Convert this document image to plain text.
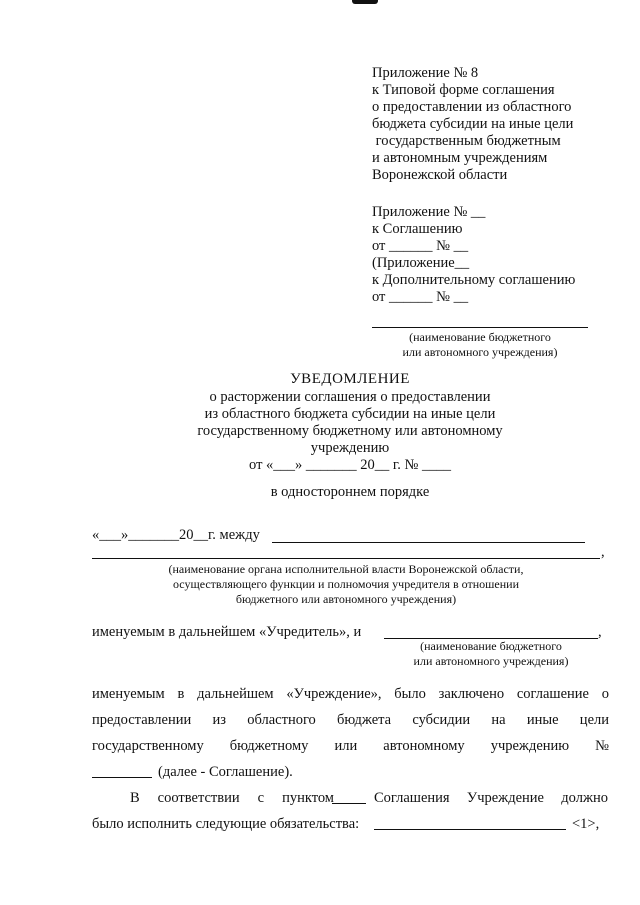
Приложение № 8
к Типовой форме соглашения
о предоставлении из областного
бюджета субсидии на иные цели
государственным бюджетным
и автономным учреждениям
Воронежской области
Приложение № __
к Соглашению
от ______ № __
(Приложение__
к Дополнительному соглашению
от ______ № __
(наименование бюджетного
или автономного учреждения)
УВЕДОМЛЕНИЕ
о расторжении соглашения о предоставлении
из областного бюджета субсидии на иные цели
государственному бюджетному или автономному
учреждению
от «___» _______ 20__ г. № ____
в одностороннем порядке
«___»_______20__г. между
,
(наименование органа исполнительной власти Воронежской области,
осуществляющего функции и полномочия учредителя в отношении
бюджетного или автономного учреждения)
именуемым в дальнейшем «Учредитель», и	,
(наименование бюджетного
или автономного учреждения)
именуемым в дальнейшем «Учреждение», было заключено соглашение о
предоставлении из областного бюджета субсидии на иные цели
государственному бюджетному или автономному учреждению №
(далее - Соглашение).
В соответствии с пунктом	Соглашения Учреждение должно
было исполнить следующие обязательства:	<1>,
